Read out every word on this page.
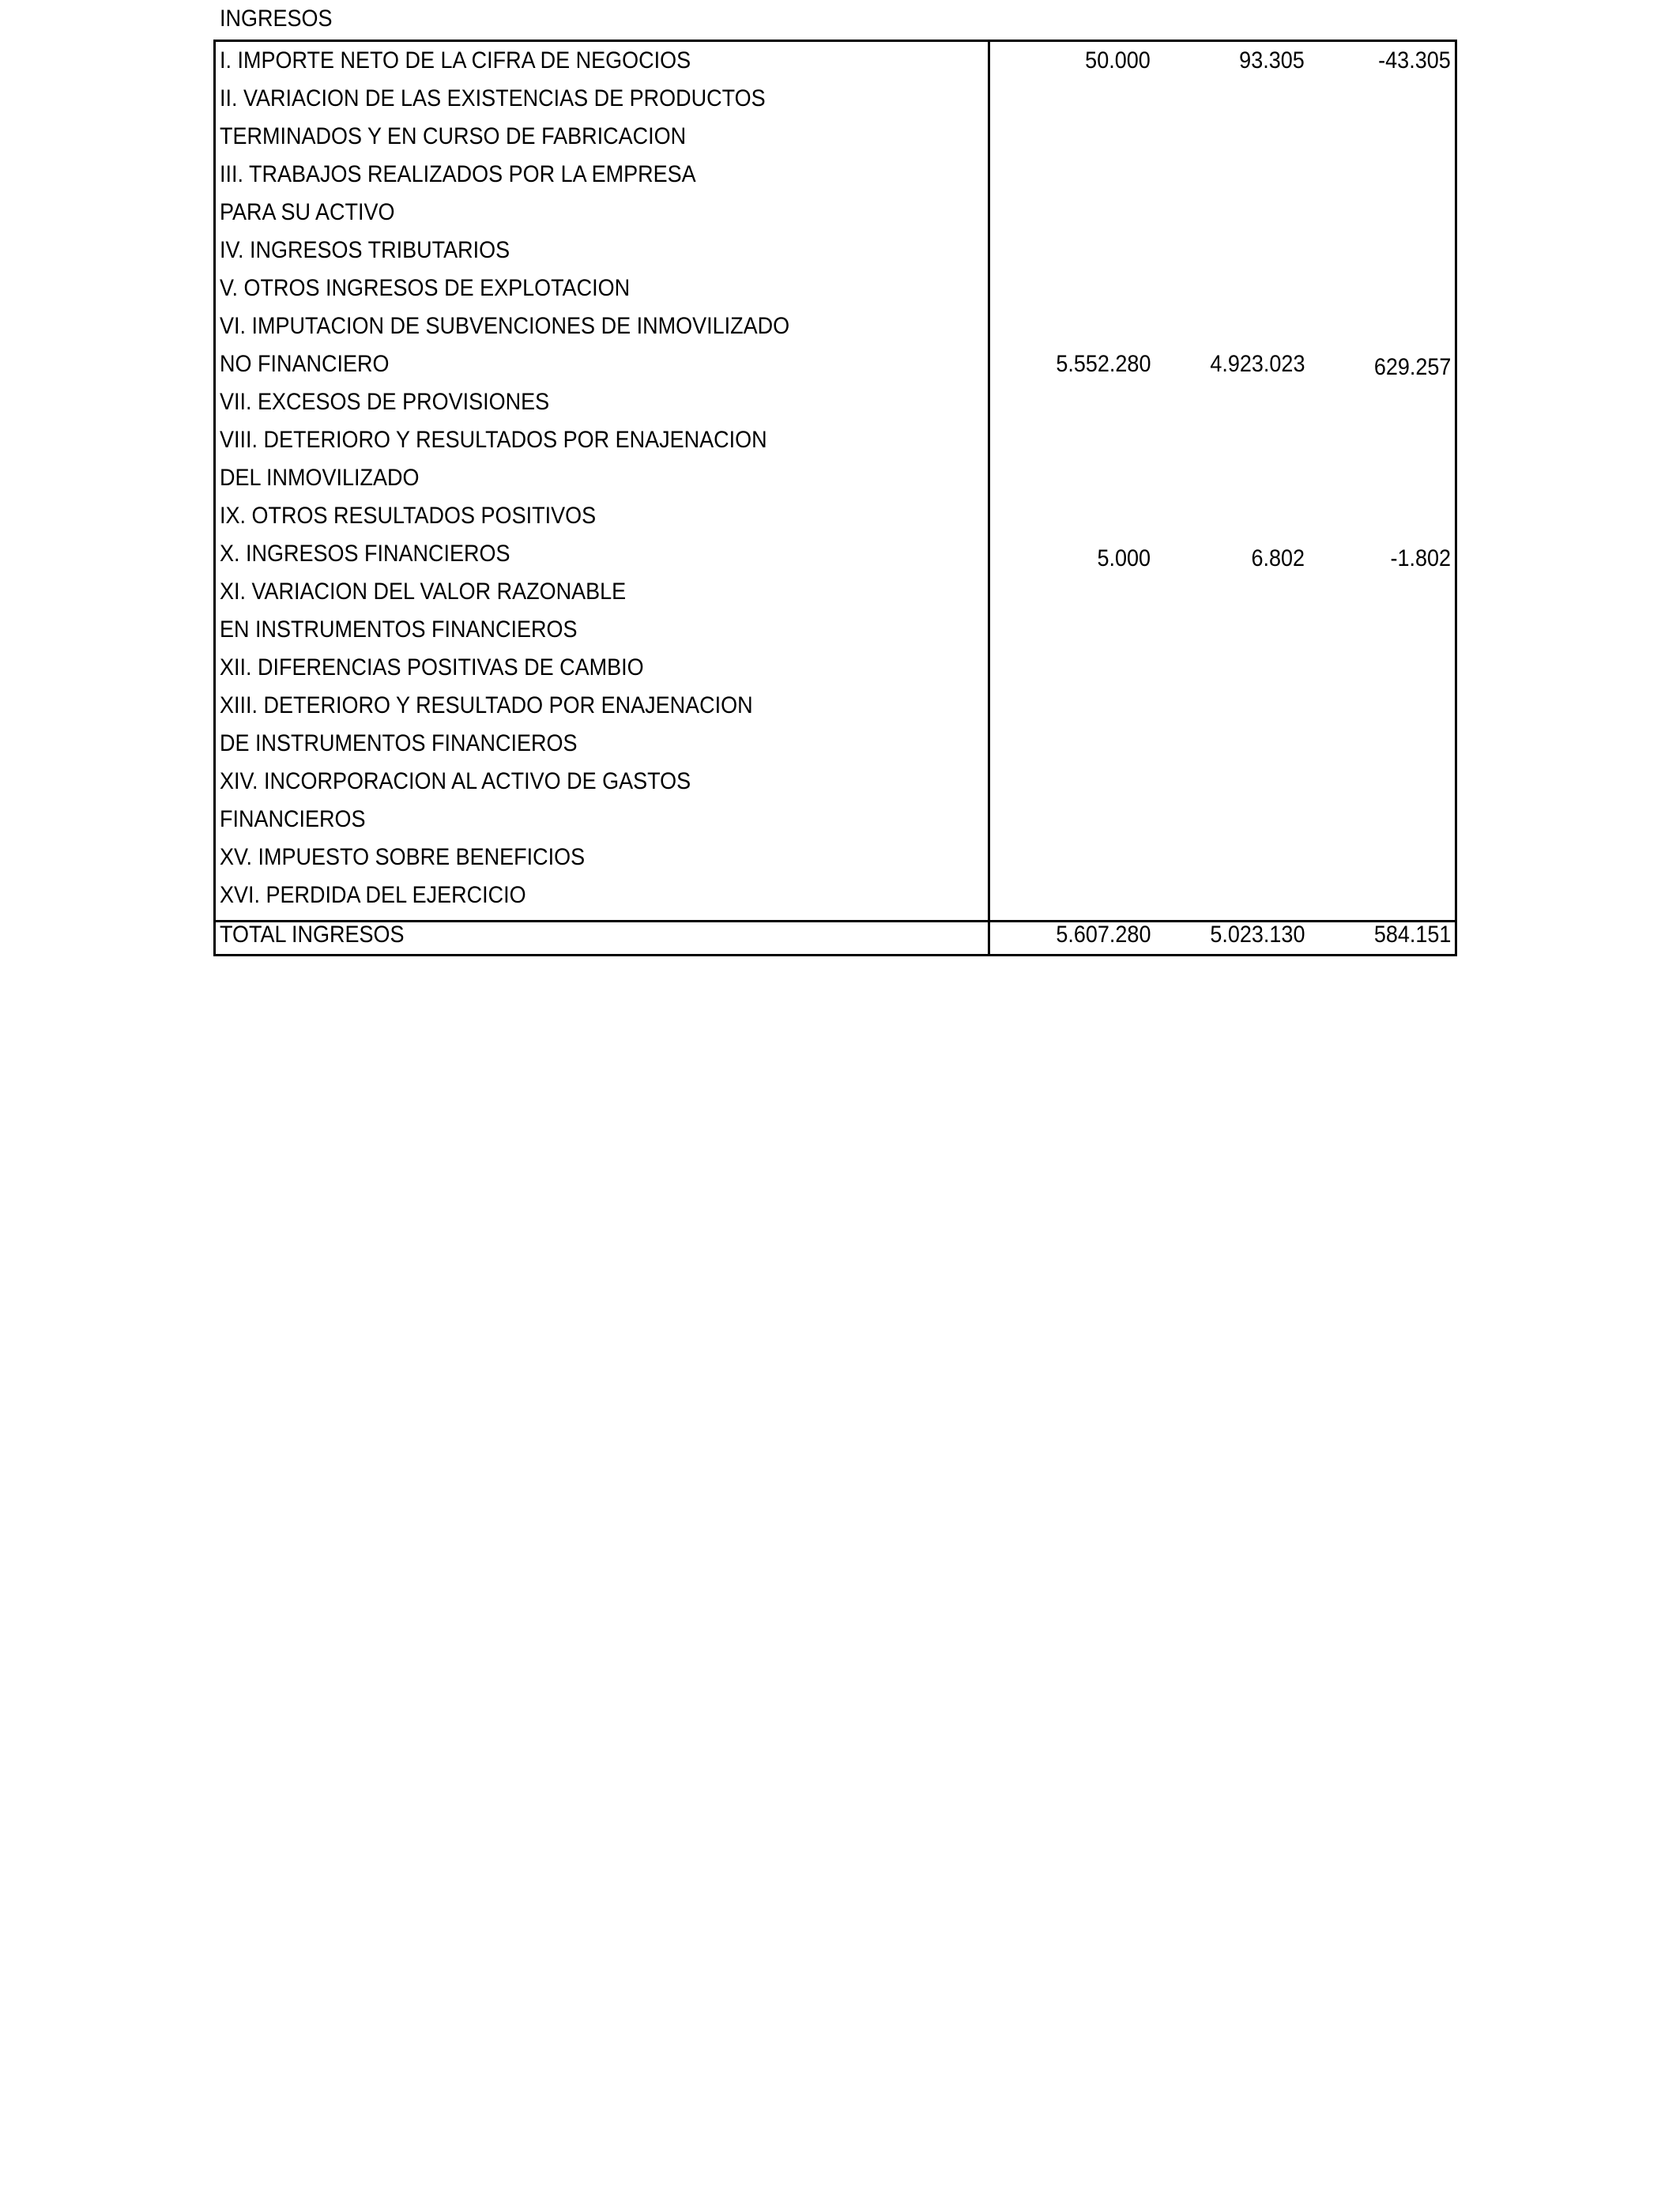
INGRESOS
I. IMPORTE NETO DE LA CIFRA DE NEGOCIOS	50.000	93.305	-43.305
II. VARIACION DE LAS EXISTENCIAS DE PRODUCTOS
TERMINADOS Y EN CURSO DE FABRICACION
III. TRABAJOS REALIZADOS POR LA EMPRESA
PARA SU ACTIVO
IV. INGRESOS TRIBUTARIOS
V. OTROS INGRESOS DE EXPLOTACION
VI. IMPUTACION DE SUBVENCIONES DE INMOVILIZADO
NO FINANCIERO	5.552.280 4.923.023	629.257
VII. EXCESOS DE PROVISIONES
VIII. DETERIORO Y RESULTADOS POR ENAJENACION
DEL INMOVILIZADO
IX. OTROS RESULTADOS POSITIVOS
X. INGRESOS FINANCIEROS	5.000	6.802	-1.802
XI. VARIACION DEL VALOR RAZONABLE
EN INSTRUMENTOS FINANCIEROS
XII. DIFERENCIAS POSITIVAS DE CAMBIO
XIII. DETERIORO Y RESULTADO POR ENAJENACION
DE INSTRUMENTOS FINANCIEROS
XIV. INCORPORACION AL ACTIVO DE GASTOS
FINANCIEROS
XV. IMPUESTO SOBRE BENEFICIOS
XVI. PERDIDA DEL EJERCICIO
TOTAL INGRESOS	5.607.280 5.023.130	584.151
